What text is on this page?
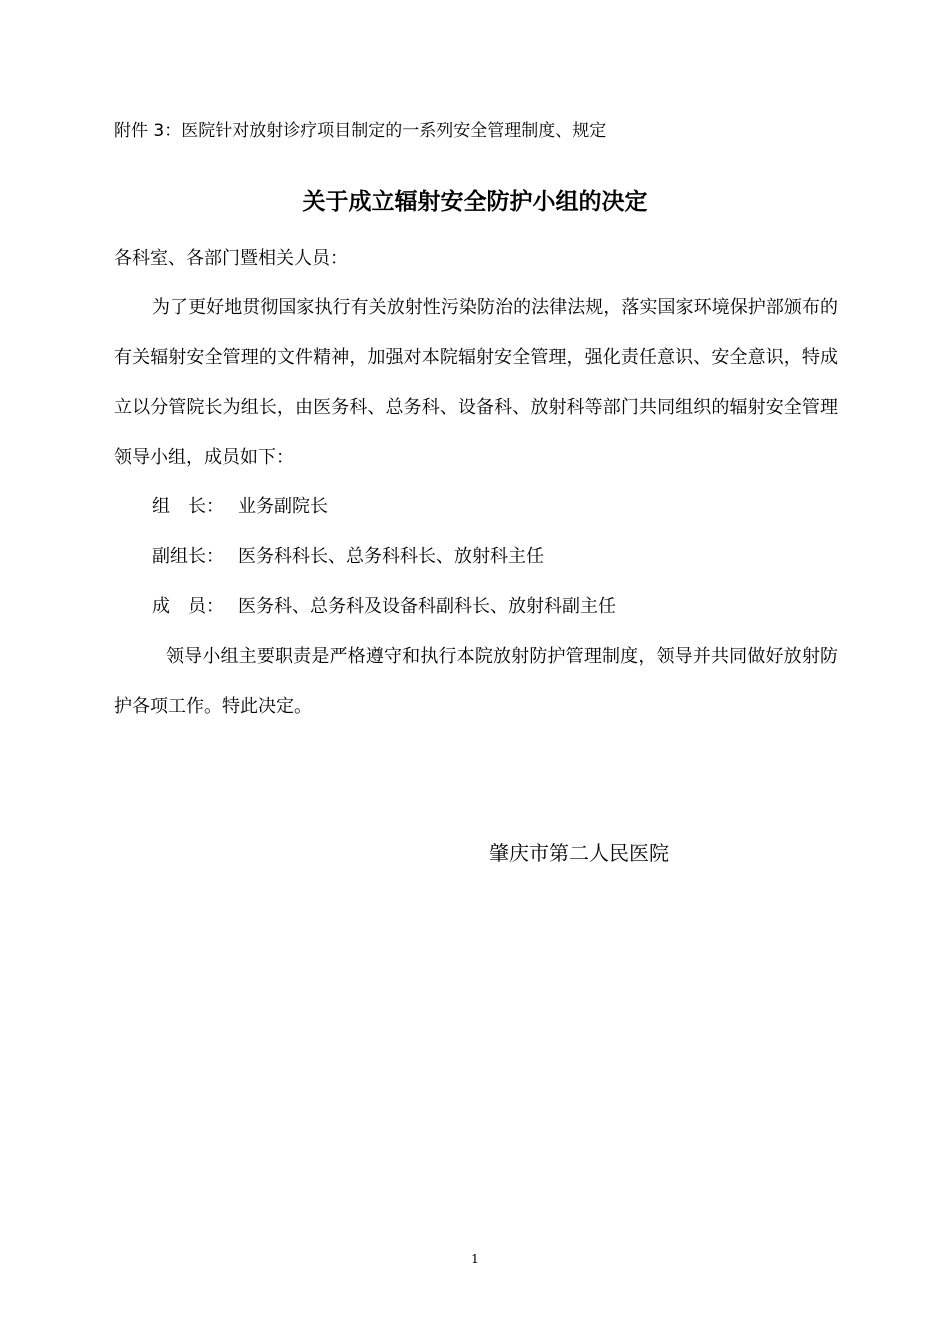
附件 3：医院针对放射诊疗项目制定的一系列安全管理制度、规定
关于成立辐射安全防护小组的决定
各科室、各部门暨相关人员：

为了更好地贯彻国家执行有关放射性污染防治的法律法规，落实国家环境保护部颁布的有关辐射安全管理的文件精神，加强对本院辐射安全管理，强化责任意识、安全意识，特成立以分管院长为组长，由医务科、总务科、设备科、放射科等部门共同组织的辐射安全管理领导小组，成员如下：

组　长： 业务副院长
副组长： 医务科科长、总务科科长、放射科主任
成　员： 医务科、总务科及设备科副科长、放射科副主任

领导小组主要职责是严格遵守和执行本院放射防护管理制度，领导并共同做好放射防护各项工作。特此决定。

肇庆市第二人民医院
1
